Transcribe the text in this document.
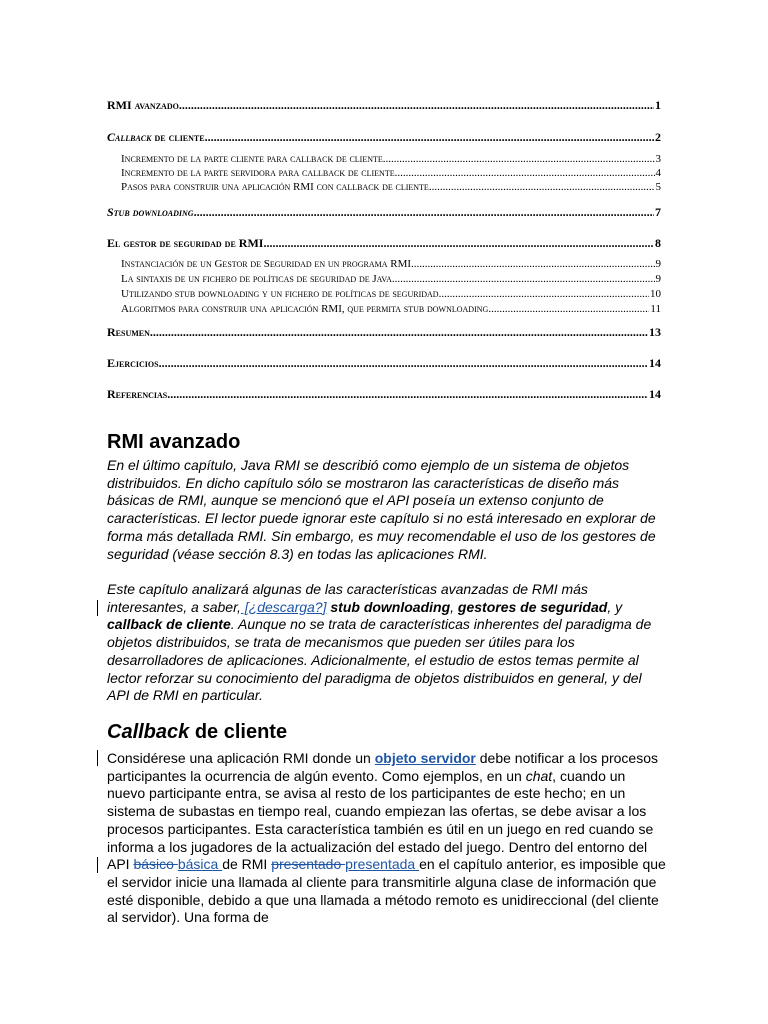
RMI avanzado .....	1
Callback de cliente .....	2
Incremento de la parte cliente para callback de cliente .....	3
Incremento de la parte servidora para callback de cliente .....	4
Pasos para construir una aplicación RMI con callback de cliente .....	5
Stub downloading .....	7
El gestor de seguridad de RMI .....	8
Instanciación de un Gestor de Seguridad en un programa RMI .....	9
La sintaxis de un fichero de políticas de seguridad de Java .....	9
Utilizando stub downloading y un fichero de políticas de seguridad .....	10
Algoritmos para construir una aplicación RMI, que permita stub downloading .....	11
Resumen .....	13
Ejercicios .....	14
Referencias .....	14
RMI avanzado
En el último capítulo, Java RMI se describió como ejemplo de un sistema de objetos distribuidos. En dicho capítulo sólo se mostraron las características de diseño más básicas de RMI, aunque se mencionó que el API poseía un extenso conjunto de características. El lector puede ignorar este capítulo si no está interesado en explorar de forma más detallada RMI. Sin embargo, es muy recomendable el uso de los gestores de seguridad (véase sección 8.3) en todas las aplicaciones RMI.
Este capítulo analizará algunas de las características avanzadas de RMI más interesantes, a saber, [¿descarga?] stub downloading, gestores de seguridad, y callback de cliente. Aunque no se trata de características inherentes del paradigma de objetos distribuidos, se trata de mecanismos que pueden ser útiles para los desarrolladores de aplicaciones. Adicionalmente, el estudio de estos temas permite al lector reforzar su conocimiento del paradigma de objetos distribuidos en general, y del API de RMI en particular.
Callback de cliente
Considérese una aplicación RMI donde un objeto servidor debe notificar a los procesos participantes la ocurrencia de algún evento. Como ejemplos, en un chat, cuando un nuevo participante entra, se avisa al resto de los participantes de este hecho; en un sistema de subastas en tiempo real, cuando empiezan las ofertas, se debe avisar a los procesos participantes. Esta característica también es útil en un juego en red cuando se informa a los jugadores de la actualización del estado del juego. Dentro del entorno del API básico básica de RMI presentado presentada en el capítulo anterior, es imposible que el servidor inicie una llamada al cliente para transmitirle alguna clase de información que esté disponible, debido a que una llamada a método remoto es unidireccional (del cliente al servidor). Una forma de
